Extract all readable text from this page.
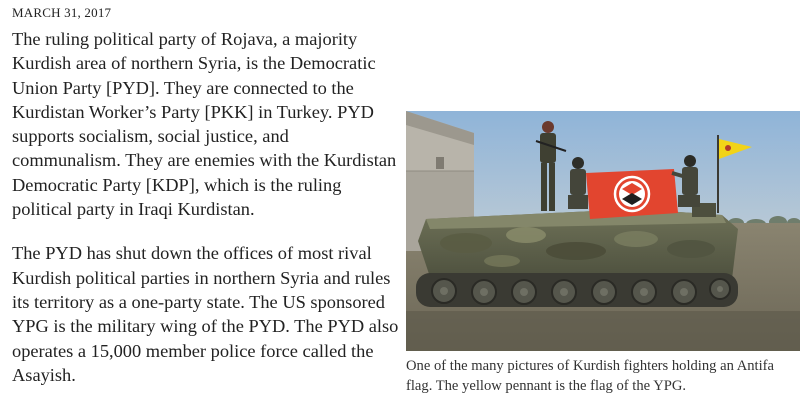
MARCH 31, 2017

The ruling political party of Rojava, a majority Kurdish area of northern Syria, is the Democratic Union Party [PYD]. They are connected to the Kurdistan Worker’s Party [PKK] in Turkey. PYD supports socialism, social justice, and communalism. They are enemies with the Kurdistan Democratic Party [KDP], which is the ruling political party in Iraqi Kurdistan.

The PYD has shut down the offices of most rival Kurdish political parties in northern Syria and rules its territory as a one-party state. The US sponsored YPG is the military wing of the PYD. The PYD also operates a 15,000 member police force called the Asayish.	One of the many pictures of Kurdish fighters holding an Antifa flag. The yellow pennant is the flag of the YPG.
